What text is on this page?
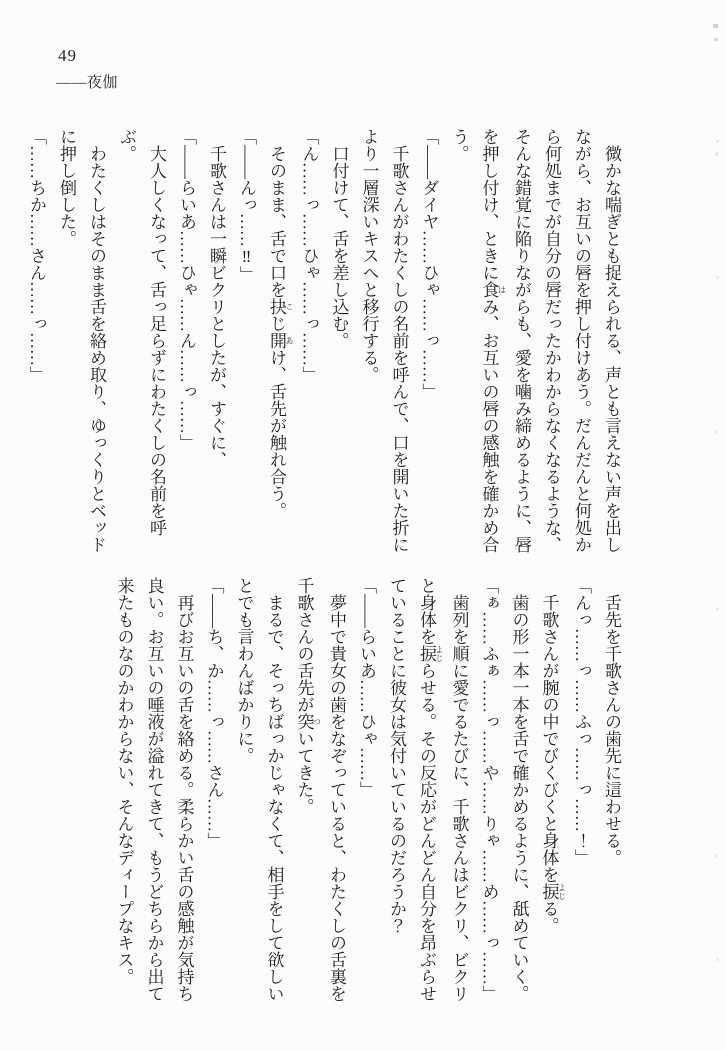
49
――夜伽

微かな喘ぎとも捉えられる、声とも言えない声を出し

ながら、お互いの唇を押し付けあう。だんだんと何処か

ら何処までが自分の唇だったかわからなくなるような、

そんな錯覚に陥りながらも、愛を噛み締めるように、唇

を押し付け、ときに食 はみ、お互いの唇の感触を確かめ合

う。

「――ダイヤ……ひゃ……っ……」

千歌さんがわたくしの名前を呼んで、口を開いた折に

より一層深いキスへと移行する。

口付けて、舌を差し込む。

「ん……っ……ひゃ……っ……」

そのまま、舌で口を抉 こじ開 あけ、舌先が触れ合う。

「――んっ……‼」

千歌さんは一瞬ビクリとしたが、すぐに、

「――らいあ……ひゃ……ん……っ……」

大人しくなって、舌っ足らずにわたくしの名前を呼ぶ。

わたくしはそのまま舌を絡め取り、ゆっくりとベッド

に押し倒した。

「……ちか……さん……っ……」

舌先を千歌さんの歯先に這わせる。

「んっ……っ……ふっ……っ……！」

千歌さんが腕の中でびくびくと身体を捩 よじる。

歯の形一本一本を舌で確かめるように、舐めていく。

「ぁ……ふぁ……っ……や……りゃ……め……っ……」

歯列を順に愛でるたびに、千歌さんはビクリ、ビクリ

と身体を捩 よじらせる。その反応がどんどん自分を昂ぶらせ

ていることに彼女は気付いているのだろうか？

「――らいあ……ひゃ……」

夢中で貴女の歯をなぞっていると、わたくしの舌裏を

千歌さんの舌先が突 ついてきた。

まるで、そっちばっかじゃなくて、相手をして欲しい

とでも言わんばかりに。

「――ち、か……っ……さん……」

再びお互いの舌を絡める。柔らかい舌の感触が気持ち

良い。お互いの唾液が溢れてきて、もうどちらから出て

来たものなのかわからない、そんなディープなキス。
